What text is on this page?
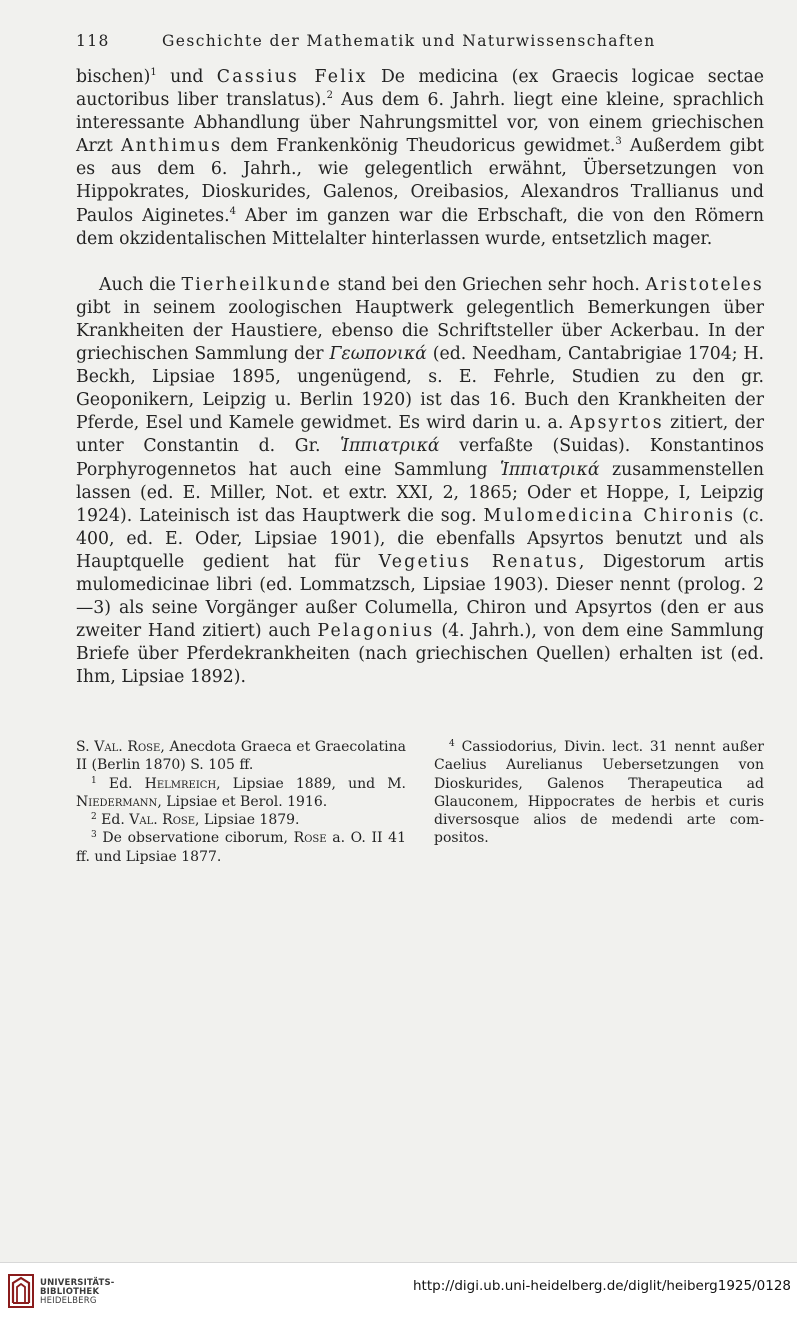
118	Geschichte der Mathematik und Naturwissenschaften

bischen)$^1$ und Cassius Felix De medicina (ex Graecis logicae sectae auctoribus liber translatus).$^2$ Aus dem 6. Jahrh. liegt eine kleine, sprachlich interessante Abhandlung über Nahrungsmittel vor, von einem griechischen Arzt Anthimus dem Frankenkönig Theudoricus gewidmet.$^3$ Außerdem gibt es aus dem 6. Jahrh., wie gelegentlich erwähnt, Übersetzungen von Hippokrates, Dioskurides, Galenos, Oreibasios, Alexandros Trallianus und Paulos Aiginetes.$^4$ Aber im ganzen war die Erbschaft, die von den Römern dem okzidentalischen Mittelalter hinterlassen wurde, entsetzlich mager.

Auch die Tierheilkunde stand bei den Griechen sehr hoch. Aristoteles gibt in seinem zoologischen Hauptwerk gelegentlich Bemerkungen über Krankheiten der Haustiere, ebenso die Schriftsteller über Ackerbau. In der griechischen Sammlung der Γεωπονικά (ed. Needham, Cantabrigiae 1704; H. Beckh, Lipsiae 1895, ungenügend, s. E. Fehrle, Studien zu den gr. Geoponikern, Leipzig u. Berlin 1920) ist das 16. Buch den Krankheiten der Pferde, Esel und Kamele gewidmet. Es wird darin u. a. Apsyrtos zitiert, der unter Constantin d. Gr. Ἱππιατρικά verfaßte (Suidas). Konstantinos Porphyrogennetos hat auch eine Sammlung Ἱππιατρικά zusammenstellen lassen (ed. E. Miller, Not. et extr. XXI, 2, 1865; Oder et Hoppe, I, Leipzig 1924). Lateinisch ist das Hauptwerk die sog. Mulomedicina Chironis (c. 400, ed. E. Oder, Lipsiae 1901), die ebenfalls Apsyrtos benutzt und als Hauptquelle gedient hat für Vegetius Renatus, Digestorum artis mulomedicinae libri (ed. Lommatzsch, Lipsiae 1903). Dieser nennt (prolog. 2—3) als seine Vorgänger außer Columella, Chiron und Apsyrtos (den er aus zweiter Hand zitiert) auch Pelagonius (4. Jahrh.), von dem eine Sammlung Briefe über Pferdekrankheiten (nach griechischen Quellen) erhalten ist (ed. Ihm, Lipsiae 1892).

S. Val. Rose, Anecdota Graeca et Graecolatina II (Berlin 1870) S. 105 ff.

$^1$ Ed. Helmreich, Lipsiae 1889, und M. Niedermann, Lipsiae et Berol. 1916.

$^2$ Ed. Val. Rose, Lipsiae 1879.

$^3$ De observatione ciborum, Rose a. O. II 41 ff. und Lipsiae 1877.

$^4$ Cassiodorius, Divin. lect. 31 nennt außer Caelius Aurelianus Uebersetzungen von Dioskurides, Galenos Therapeutica ad Glauconem, Hippocrates de herbis et curis diversosque alios de medendi arte compositos.

UNIVERSITÄTS-
BIBLIOTHEK
HEIDELBERG
http://digi.ub.uni-heidelberg.de/diglit/heiberg1925/0128
